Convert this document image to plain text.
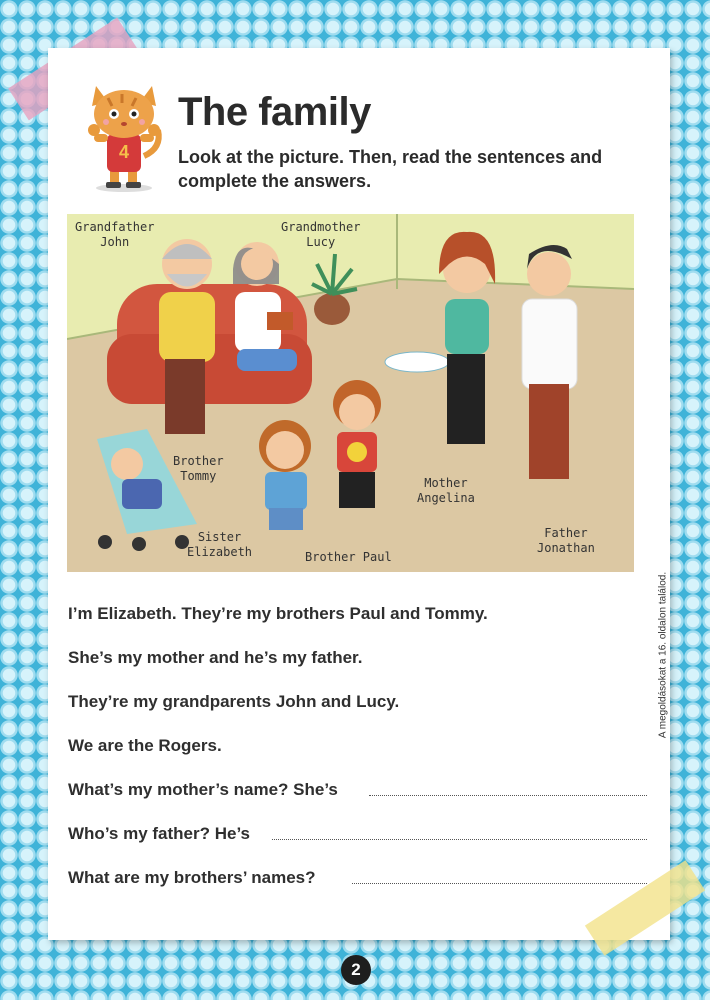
4
The family
Look at the picture. Then, read the sentences and complete the answers.
Grandfather
John
Grandmother
Lucy
Brother
Tommy
Sister
Elizabeth	Brother Paul
Mother
Angelina
Father
Jonathan
I’m Elizabeth. They’re my brothers Paul and Tommy.
She’s my mother and he’s my father.
They’re my grandparents John and Lucy.
We are the Rogers.
What’s my mother’s name? She’s
Who’s my father? He’s
What are my brothers’ names?
A megoldásokat a 16. oldalon találod.
2
